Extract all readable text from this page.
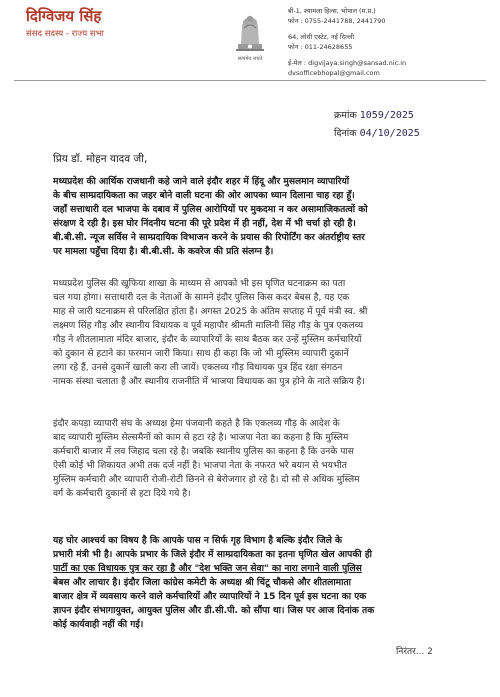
दिग्विजय सिंह
संसद सदस्य - राज्य सभा
सत्यमेव जयते
बी-1, श्यामला हिल्स, भोपाल (म.प्र.)
फोन : 0755-2441788, 2441790
64, लोधी एस्टेट, नई दिल्ली
फोन : 011-24628655
ई-मेल : digvijaya.singh@sansad.nic.in
dvsofficebhopal@gmail.com
क्रमांक 1059/2025
दिनांक 04/10/2025
प्रिय डॉ. मोहन यादव जी,
मध्यप्रदेश की आर्थिक राजधानी कहे जाने वाले इंदौर शहर में हिंदू और मुसलमान व्यापारियों
के बीच साम्प्रदायिकता का जहर बोने वाली घटना की ओर आपका ध्यान दिलाना चाह रहा हूँ।
जहाँ सत्ताधारी दल भाजपा के दबाव में पुलिस आरोपियों पर मुकदमा न कर असामाजिकतत्वों को
संरक्षण दे रही है। इस घोर निंदनीय घटना की पूरे प्रदेश में ही नहीं, देश में भी चर्चा हो रही है।
बी.बी.सी. न्यूज सर्विस ने साम्प्रदायिक विभाजन करने के प्रयास की रिपोर्टिंग कर अंतर्राष्ट्रीय स्तर
पर मामला पहुँचा दिया है। बी.बी.सी. के कवरेज की प्रति संलग्न है।
मध्यप्रदेश पुलिस की खुफिया शाखा के माध्यम से आपको भी इस घृणित घटनाक्रम का पता
चल गया होगा। सत्ताधारी दल के नेताओं के सामने इंदौर पुलिस किस कदर बेबस है, यह एक
माह से जारी घटनाक्रम से परिलक्षित होता है। अगस्त 2025 के अंतिम सप्ताह में पूर्व मंत्री स्व. श्री
लक्ष्मण सिंह गौड़ और स्थानीय विधायक व पूर्व महापौर श्रीमती मालिनी सिंह गौड़ के पुत्र एकलव्य
गौड़ ने शीतलामाता मंदिर बाजार, इंदौर के व्यापारियों के साथ बैठक कर उन्हें मुस्लिम कर्मचारियों
को दुकान से हटाने का फरमान जारी किया। साथ ही कहा कि जो भी मुस्लिम व्यापारी दुकानें
लगा रहे हैं, उनसे दुकानें खाली करा ली जायें। एकलव्य गौड़ विधायक पुत्र हिंद रक्षा संगठन
नामक संस्था चलाता है और स्थानीय राजनीति में भाजपा विधायक का पुत्र होने के नाते सक्रिय है।
इंदौर कपड़ा व्यापारी संघ के अध्यक्ष हेमा पंजवानी कहते है कि एकलव्य गौड़ के आदेश के
बाद व्यापारी मुस्लिम सेल्समैनों को काम से हटा रहे है। भाजपा नेता का कहना है कि मुस्लिम
कर्मचारी बाजार में लव जिहाद चला रहे है। जबकि स्थानीय पुलिस का कहना है कि उनके पास
ऐसी कोई भी शिकायत अभी तक दर्ज नहीं है। भाजपा नेता के नफरत भरे बयान से भयभीत
मुस्लिम कर्मचारी और व्यापारी रोजी-रोटी छिनने से बेरोजगार हो रहे है। दो सौ से अधिक मुस्लिम
वर्ग के कर्मचारी दुकानों से हटा दिये गये है।
यह घोर आश्चर्य का विषय है कि आपके पास न सिर्फ गृह विभाग है बल्कि इंदौर जिले के
प्रभारी मंत्री भी है। आपके प्रभार के जिले इंदौर में साम्प्रदायिकता का इतना घृणित खेल आपकी ही
पार्टी का एक विधायक पुत्र कर रहा है और "देश भक्ति जन सेवा" का नारा लगाने वाली पुलिस
बेबस और लाचार है। इंदौर जिला कांग्रेस कमेटी के अध्यक्ष श्री चिंटू चौकसे और शीतलामाता
बाजार क्षेत्र में व्यवसाय करने वाले कर्मचारियों और व्यापारियों ने 15 दिन पूर्व इस घटना का एक
ज्ञापन इंदौर संभागायुक्त, आयुक्त पुलिस और डी.सी.पी. को सौंपा था। जिस पर आज दिनांक तक
कोई कार्यवाही नहीं की गई।
निरंतर... 2
